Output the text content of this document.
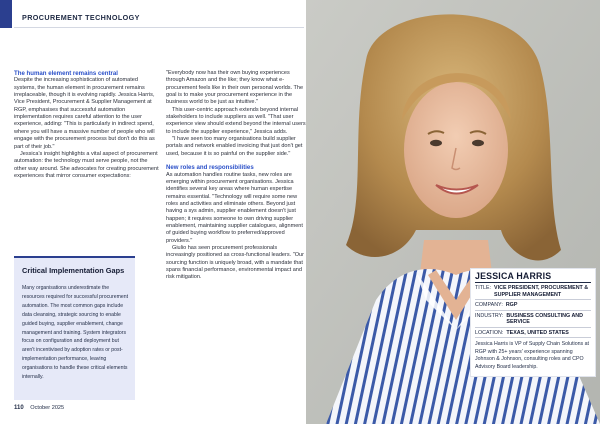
PROCUREMENT TECHNOLOGY

The human element remains central

Despite the increasing sophistication of automated systems, the human element in procurement remains irreplaceable, though it is evolving rapidly. Jessica Harris, Vice President, Procurement & Supplier Management at RGP, emphasises that successful automation implementation requires careful attention to the user experience, adding: "This is particularly in indirect spend, where you will have a massive number of people who will engage with the procurement process but don't do this as part of their job."

Jessica's insight highlights a vital aspect of procurement automation: the technology must serve people, not the other way around. She advocates for creating procurement experiences that mirror consumer expectations:

"Everybody now has their own buying experiences through Amazon and the like; they know what e-procurement feels like in their own personal worlds. The goal is to make your procurement experience in the business world to be just as intuitive."

This user-centric approach extends beyond internal stakeholders to include suppliers as well. "That user experience view should extend beyond the internal users to include the supplier experience," Jessica adds.

"I have seen too many organisations build supplier portals and network enabled invoicing that just don't get used, because it is so painful on the supplier side."

New roles and responsibilities

As automation handles routine tasks, new roles are emerging within procurement organisations. Jessica identifies several key areas where human expertise remains essential. "Technology will require some new roles and activities and eliminate others. Beyond just having a sys admin, supplier enablement doesn't just happen; it requires someone to own driving supplier enablement, maintaining supplier catalogues, alignment of guided buying workflow to preferred/approved providers."

Giulio has seen procurement professionals increasingly positioned as cross-functional leaders. "Our sourcing function is uniquely broad, with a mandate that spans financial performance, environmental impact and risk mitigation.

Critical Implementation Gaps
Many organisations underestimate the resources required for successful procurement automation. The most common gaps include data cleansing, strategic sourcing to enable guided buying, supplier enablement, change management and training. System integrators focus on configuration and deployment but aren't incentivised by adoption rates or post-implementation performance, leaving organisations to handle these critical elements internally.
110 October 2025
JESSICA HARRIS
TITLE: VICE PRESIDENT, PROCUREMENT & SUPPLIER MANAGEMENT
COMPANY: RGP
INDUSTRY: BUSINESS CONSULTING AND SERVICE
LOCATION: TEXAS, UNITED STATES
Jessica Harris is VP of Supply Chain Solutions at RGP with 25+ years' experience spanning Johnson & Johnson, consulting roles and CPO Advisory Board leadership.
